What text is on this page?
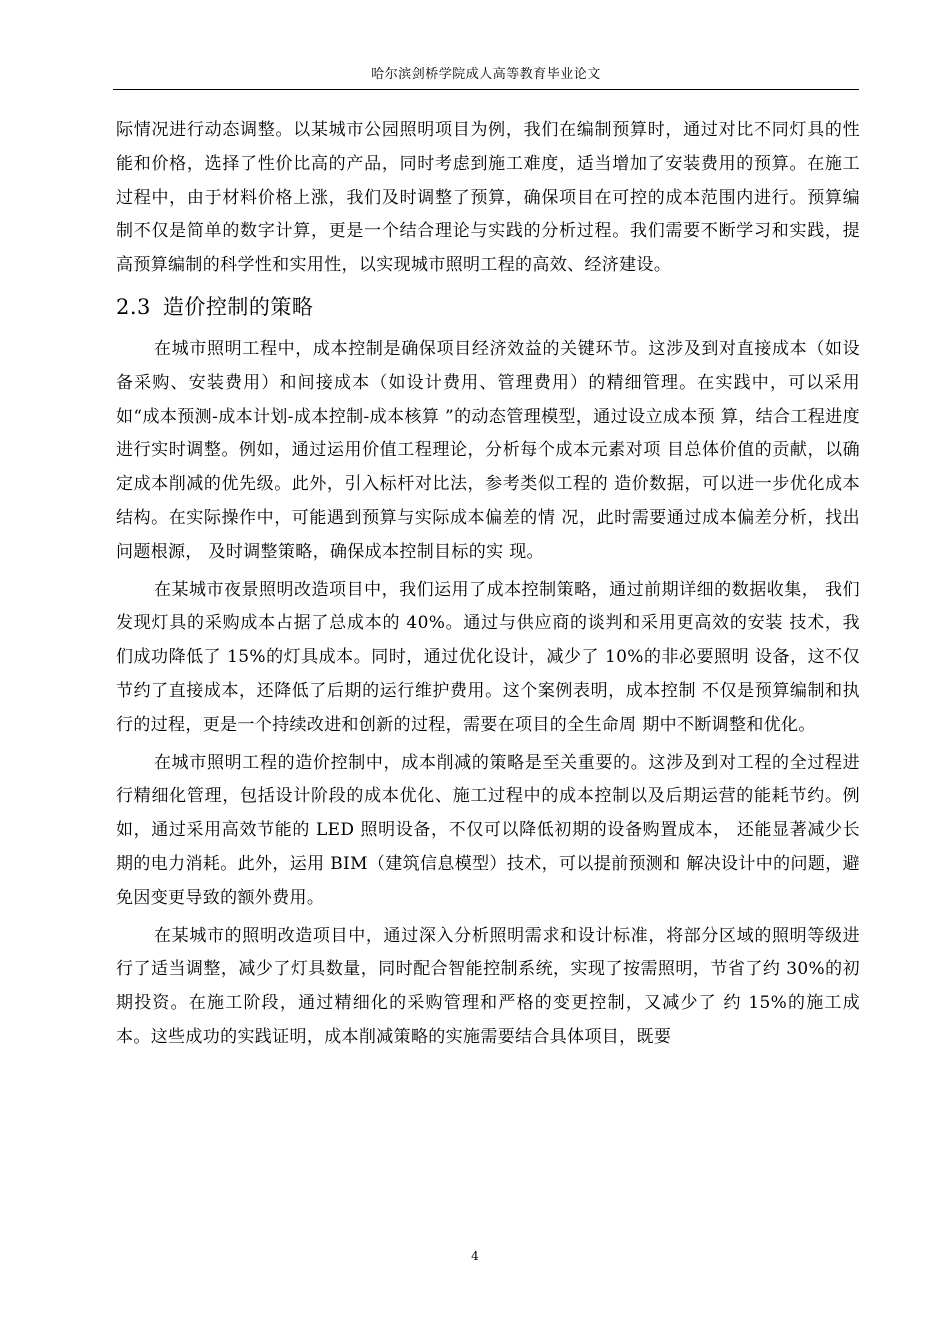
哈尔滨剑桥学院成人高等教育毕业论文

际情况进行动态调整。以某城市公园照明项目为例，我们在编制预算时，通过对比不同灯具的性能和价格，选择了性价比高的产品，同时考虑到施工难度，适当增加了安装费用的预算。在施工过程中，由于材料价格上涨，我们及时调整了预算，确保项目在可控的成本范围内进行。预算编制不仅是简单的数字计算，更是一个结合理论与实践的分析过程。我们需要不断学习和实践，提高预算编制的科学性和实用性，以实现城市照明工程的高效、经济建设。

2.3 造价控制的策略

在城市照明工程中，成本控制是确保项目经济效益的关键环节。这涉及到对直接成本（如设备采购、安装费用）和间接成本（如设计费用、管理费用）的精细管理。在实践中，可以采用如“成本预测-成本计划-成本控制-成本核算 ”的动态管理模型，通过设立成本预 算，结合工程进度进行实时调整。例如，通过运用价值工程理论，分析每个成本元素对项 目总体价值的贡献，以确定成本削减的优先级。此外，引入标杆对比法，参考类似工程的 造价数据，可以进一步优化成本结构。在实际操作中，可能遇到预算与实际成本偏差的情 况，此时需要通过成本偏差分析，找出问题根源， 及时调整策略，确保成本控制目标的实 现。

在某城市夜景照明改造项目中，我们运用了成本控制策略，通过前期详细的数据收集， 我们发现灯具的采购成本占据了总成本的 40%。通过与供应商的谈判和采用更高效的安装 技术，我们成功降低了 15%的灯具成本。同时，通过优化设计，减少了 10%的非必要照明 设备，这不仅节约了直接成本，还降低了后期的运行维护费用。这个案例表明，成本控制 不仅是预算编制和执行的过程，更是一个持续改进和创新的过程，需要在项目的全生命周 期中不断调整和优化。

在城市照明工程的造价控制中，成本削减的策略是至关重要的。这涉及到对工程的全过程进行精细化管理，包括设计阶段的成本优化、施工过程中的成本控制以及后期运营的能耗节约。例如，通过采用高效节能的 LED 照明设备，不仅可以降低初期的设备购置成本， 还能显著减少长期的电力消耗。此外，运用 BIM（建筑信息模型）技术，可以提前预测和 解决设计中的问题，避免因变更导致的额外费用。

在某城市的照明改造项目中，通过深入分析照明需求和设计标准，将部分区域的照明等级进行了适当调整，减少了灯具数量，同时配合智能控制系统，实现了按需照明，节省了约 30%的初期投资。在施工阶段，通过精细化的采购管理和严格的变更控制，又减少了 约 15%的施工成本。这些成功的实践证明，成本削减策略的实施需要结合具体项目，既要

4
